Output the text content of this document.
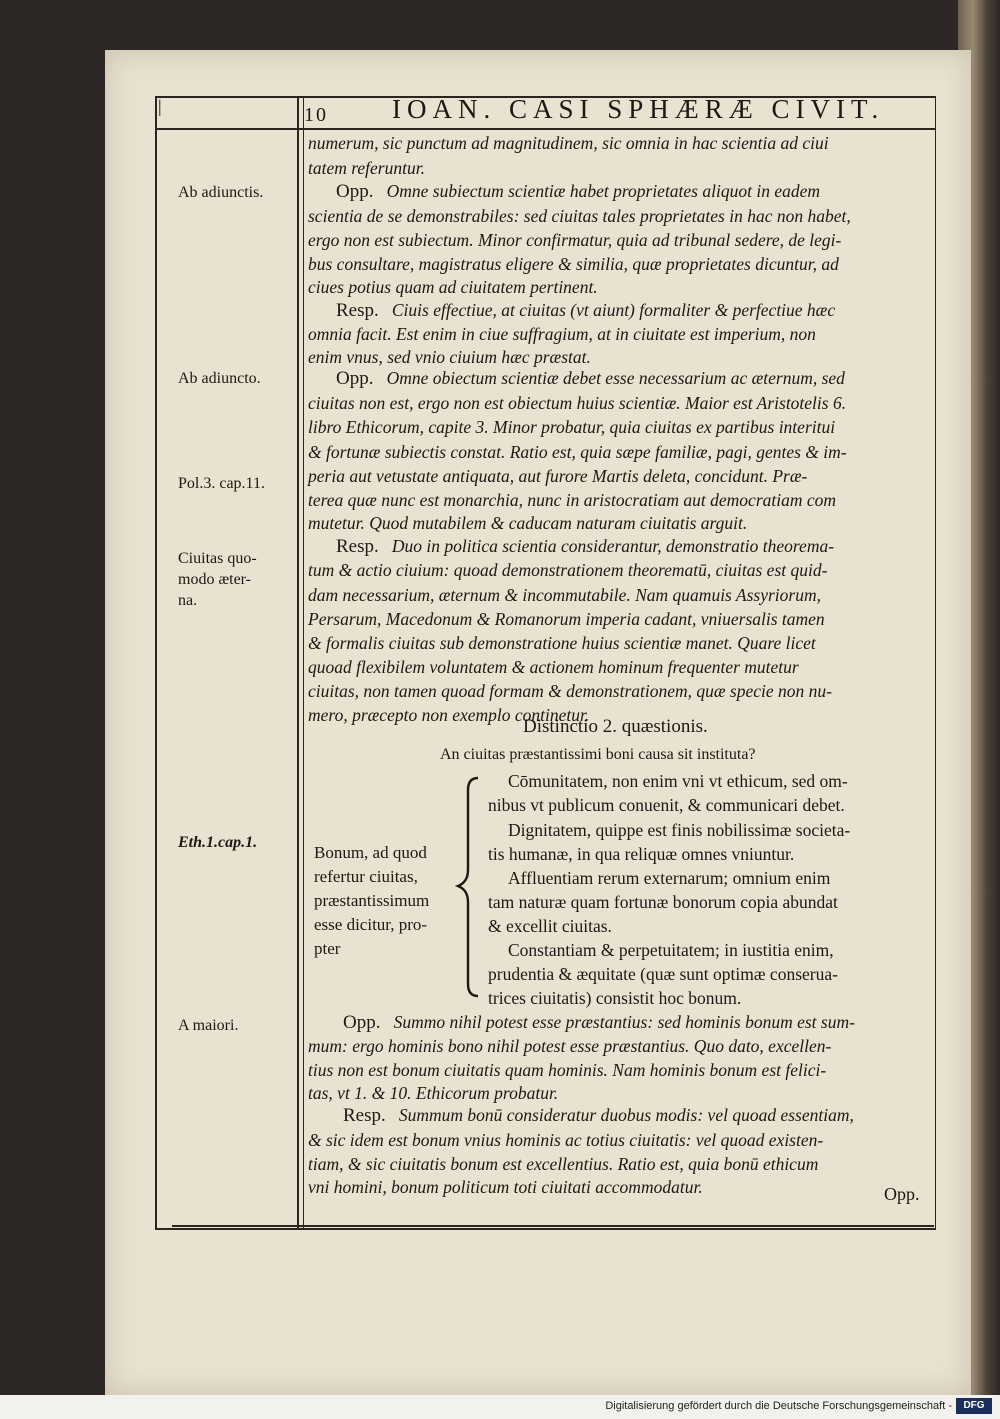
|	10 IOAN. CASI SPHÆRÆ CIVIT.
Ab adiunctis.
Ab adiuncto.
Pol.3. cap.11.
Ciuitas quo-
modo æter-
na.
Eth.1.cap.1.
A maiori.
numerum, sic punctum ad magnitudinem, sic omnia in hac scientia ad ciui
tatem referuntur.
Opp. Omne subiectum scientiæ habet proprietates aliquot in eadem
scientia de se demonstrabiles: sed ciuitas tales proprietates in hac non habet,
ergo non est subiectum. Minor confirmatur, quia ad tribunal sedere, de legi-
bus consultare, magistratus eligere & similia, quæ proprietates dicuntur, ad
ciues potius quam ad ciuitatem pertinent.
Resp. Ciuis effectiue, at ciuitas (vt aiunt) formaliter & perfectiue hæc
omnia facit. Est enim in ciue suffragium, at in ciuitate est imperium, non
enim vnus, sed vnio ciuium hæc præstat.
Opp. Omne obiectum scientiæ debet esse necessarium ac æternum, sed
ciuitas non est, ergo non est obiectum huius scientiæ. Maior est Aristotelis 6.
libro Ethicorum, capite 3. Minor probatur, quia ciuitas ex partibus interitui
& fortunæ subiectis constat. Ratio est, quia sæpe familiæ, pagi, gentes & im-
peria aut vetustate antiquata, aut furore Martis deleta, concidunt. Præ-
terea quæ nunc est monarchia, nunc in aristocratiam aut democratiam com
mutetur. Quod mutabilem & caducam naturam ciuitatis arguit.
Resp. Duo in politica scientia considerantur, demonstratio theorema-
tum & actio ciuium: quoad demonstrationem theorematū, ciuitas est quid-
dam necessarium, æternum & incommutabile. Nam quamuis Assyriorum,
Persarum, Macedonum & Romanorum imperia cadant, vniuersalis tamen
& formalis ciuitas sub demonstratione huius scientiæ manet. Quare licet
quoad flexibilem voluntatem & actionem hominum frequenter mutetur
ciuitas, non tamen quoad formam & demonstrationem, quæ specie non nu-
mero, præcepto non exemplo continetur.
Distinctio 2. quæstionis.
An ciuitas præstantissimi boni causa sit instituta?
Bonum, ad quod
refertur ciuitas,
præstantissimum
esse dicitur, pro-
pter
Cōmunitatem, non enim vni vt ethicum, sed om-
nibus vt publicum conuenit, & communicari debet.
Dignitatem, quippe est finis nobilissimæ societa-
tis humanæ, in qua reliquæ omnes vniuntur.
Affluentiam rerum externarum; omnium enim
tam naturæ quam fortunæ bonorum copia abundat
& excellit ciuitas.
Constantiam & perpetuitatem; in iustitia enim,
prudentia & æquitate (quæ sunt optimæ conserua-
trices ciuitatis) consistit hoc bonum.
Opp. Summo nihil potest esse præstantius: sed hominis bonum est sum-
mum: ergo hominis bono nihil potest esse præstantius. Quo dato, excellen-
tius non est bonum ciuitatis quam hominis. Nam hominis bonum est felici-
tas, vt 1. & 10. Ethicorum probatur.
Resp. Summum bonū consideratur duobus modis: vel quoad essentiam,
& sic idem est bonum vnius hominis ac totius ciuitatis: vel quoad existen-
tiam, & sic ciuitatis bonum est excellentius. Ratio est, quia bonū ethicum
vni homini, bonum politicum toti ciuitati accommodatur.	Opp.
Digitalisierung gefördert durch die Deutsche Forschungsgemeinschaft -	DFG
